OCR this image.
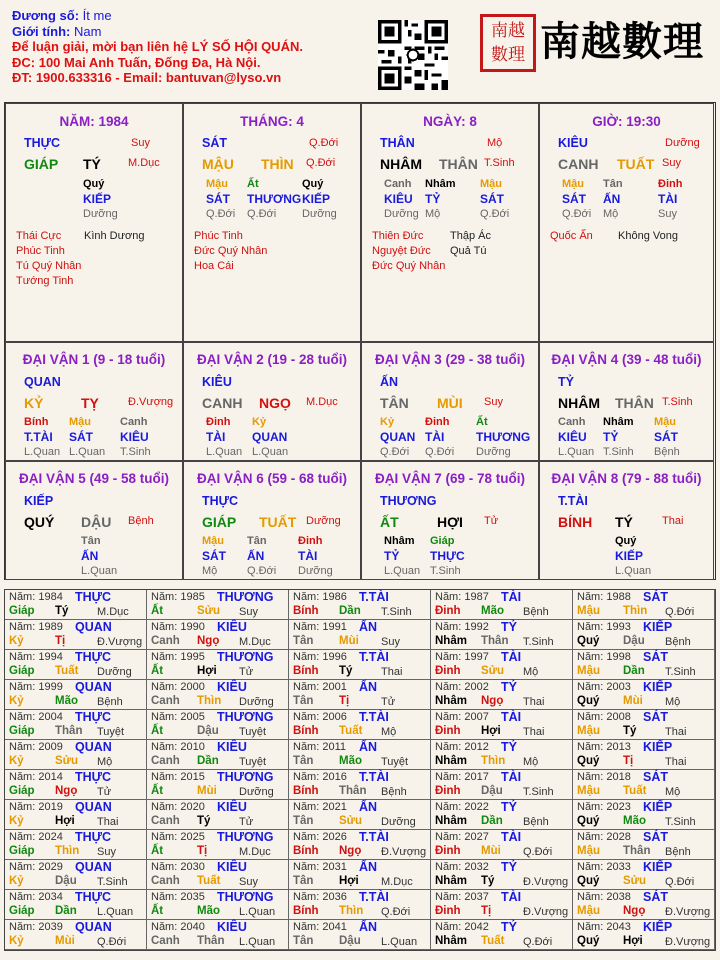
Đương số: Ít me
Giới tính: Nam
Để luận giải, mời bạn liên hệ LÝ SỐ HỘI QUÁN.
ĐC: 100 Mai Anh Tuấn, Đống Đa, Hà Nội.
ĐT: 1900.633316 - Email: bantuvan@lyso.vn
南越數理 南越數理
NĂM: 1984
THỰC	Suy
GIÁP TÝ M.Dục
Quý
KIẾP
Dưỡng
Thái Cực
Phúc Tinh
Tú Quý Nhân
Tướng Tinh
Kình Dương
THÁNG: 4
SÁT	Q.Đới
MẬU THÌN Q.Đới
Mậu
SÁT
Q.Đới
Ất
THƯƠNG
Q.Đới
Quý
KIẾP
Dưỡng
Phúc Tinh
Đức Quý Nhân
Hoa Cái
NGÀY: 8
THÂN	Mộ
NHÂM THÂN T.Sinh
Canh
KIÊU
Dưỡng
Nhâm
TỶ
Mộ
Mậu
SÁT
Q.Đới
Thiên Đức
Nguyệt Đức
Đức Quý Nhân
Thập Ác
Quả Tú
GIỜ: 19:30
KIÊU	Dưỡng
CANH TUẤT Suy
Mậu
SÁT
Q.Đới
Tân
ẤN
Mộ
Đinh
TÀI
Suy
Quốc Ấn Không Vong
ĐẠI VẬN 1 (9 - 18 tuổi)
QUAN
KỶ	TỴ	Đ.Vượng
Bính
T.TÀI
L.Quan
Mậu
SÁT
L.Quan
Canh
KIÊU
T.Sinh
ĐẠI VẬN 2 (19 - 28 tuổi)
KIÊU
CANH NGỌ M.Dục
Đinh
TÀI
L.Quan
Kỷ
QUAN
L.Quan
ĐẠI VẬN 3 (29 - 38 tuổi)
ẤN
TÂN MÙI Suy
Kỷ
QUAN
Q.Đới
Đinh
TÀI
Q.Đới
Ất
THƯƠNG
Dưỡng
ĐẠI VẬN 4 (39 - 48 tuổi)
TỶ
NHÂM THÂN T.Sinh
Canh
KIÊU
L.Quan
Nhâm
TỶ
T.Sinh
Mậu
SÁT
Bệnh
ĐẠI VẬN 5 (49 - 58 tuổi)
KIẾP
QUÝ DẬU Bệnh
Tân
ẤN
L.Quan
ĐẠI VẬN 6 (59 - 68 tuổi)
THỰC
GIÁP TUẤT Dưỡng
Mậu
SÁT
Mộ
Tân
ẤN
Q.Đới
Đinh
TÀI
Dưỡng
ĐẠI VẬN 7 (69 - 78 tuổi)
THƯƠNG
ẤT	HỢI Tử
Nhâm
TỶ
L.Quan
Giáp
THỰC
T.Sinh
ĐẠI VẬN 8 (79 - 88 tuổi)
T.TÀI
BÍNH TÝ	Thai
Quý
KIẾP
L.Quan
Năm: 1984 THỰC
Giáp Tý	M.Dục
Năm: 1985 THƯƠNG
Ất	Sửu Suy
Năm: 1986 T.TÀI
Bính Dần T.Sinh
Năm: 1987 TÀI
Đinh Mão Bệnh
Năm: 1988 SÁT
Mậu Thìn Q.Đới
Năm: 1989 QUAN
Kỷ	Tị	Đ.Vượng
Năm: 1990 KIÊU
Canh Ngọ M.Dục
Năm: 1991 ẤN
Tân Mùi Suy
Năm: 1992 TỶ
Nhâm Thân T.Sinh
Năm: 1993 KIẾP
Quý Dậu Bệnh
Năm: 1994 THỰC
Giáp Tuất Dưỡng
Năm: 1995 THƯƠNG
Ất	Hợi Tử
Năm: 1996 T.TÀI
Bính Tý	Thai
Năm: 1997 TÀI
Đinh Sửu Mộ
Năm: 1998 SÁT
Mậu Dần T.Sinh
Năm: 1999 QUAN
Kỷ	Mão Bệnh
Năm: 2000 KIÊU
Canh Thìn Dưỡng
Năm: 2001 ẤN
Tân Tị	Tử
Năm: 2002 TỶ
Nhâm Ngọ Thai
Năm: 2003 KIẾP
Quý Mùi Mộ
Năm: 2004 THỰC
Giáp Thân Tuyệt
Năm: 2005 THƯƠNG
Ất	Dậu Tuyệt
Năm: 2006 T.TÀI
Bính Tuất Mộ
Năm: 2007 TÀI
Đinh Hợi Thai
Năm: 2008 SÁT
Mậu Tý	Thai
Năm: 2009 QUAN
Kỷ	Sửu Mộ
Năm: 2010 KIÊU
Canh Dần Tuyệt
Năm: 2011 ẤN
Tân Mão Tuyệt
Năm: 2012 TỶ
Nhâm Thìn Mộ
Năm: 2013 KIẾP
Quý Tị	Thai
Năm: 2014 THỰC
Giáp Ngọ Tử
Năm: 2015 THƯƠNG
Ất	Mùi Dưỡng
Năm: 2016 T.TÀI
Bính Thân Bệnh
Năm: 2017 TÀI
Đinh Dậu T.Sinh
Năm: 2018 SÁT
Mậu Tuất Mộ
Năm: 2019 QUAN
Kỷ	Hợi Thai
Năm: 2020 KIÊU
Canh Tý	Tử
Năm: 2021 ẤN
Tân Sửu Dưỡng
Năm: 2022 TỶ
Nhâm Dần Bệnh
Năm: 2023 KIẾP
Quý Mão T.Sinh
Năm: 2024 THỰC
Giáp Thìn Suy
Năm: 2025 THƯƠNG
Ất	Tị	M.Dục
Năm: 2026 T.TÀI
Bính Ngọ Đ.Vượng
Năm: 2027 TÀI
Đinh Mùi Q.Đới
Năm: 2028 SÁT
Mậu Thân Bệnh
Năm: 2029 QUAN
Kỷ	Dậu T.Sinh
Năm: 2030 KIÊU
Canh Tuất Suy
Năm: 2031 ẤN
Tân Hợi M.Dục
Năm: 2032 TỶ
Nhâm Tý	Đ.Vượng
Năm: 2033 KIẾP
Quý Sửu Q.Đới
Năm: 2034 THỰC
Giáp Dần L.Quan
Năm: 2035 THƯƠNG
Ất	Mão L.Quan
Năm: 2036 T.TÀI
Bính Thìn Q.Đới
Năm: 2037 TÀI
Đinh Tị	Đ.Vượng
Năm: 2038 SÁT
Mậu Ngọ Đ.Vượng
Năm: 2039 QUAN
Kỷ	Mùi Q.Đới
Năm: 2040 KIÊU
Canh Thân L.Quan
Năm: 2041 ẤN
Tân Dậu L.Quan
Năm: 2042 TỶ
Nhâm Tuất Q.Đới
Năm: 2043 KIẾP
Quý Hợi Đ.Vượng
